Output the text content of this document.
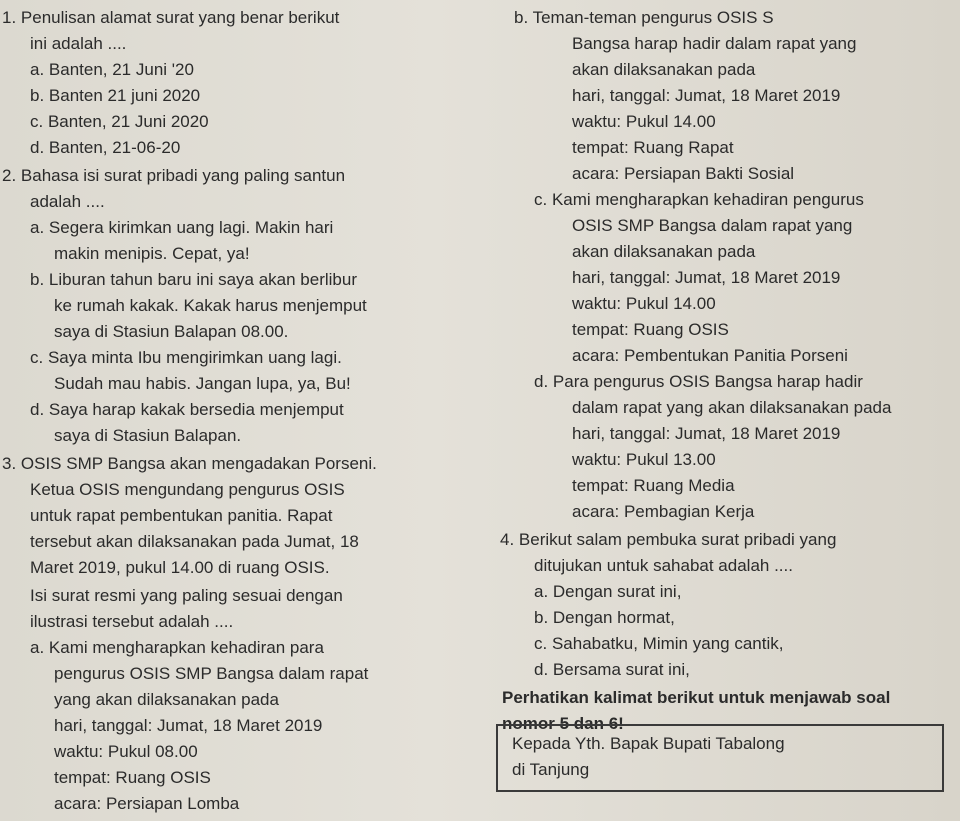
1. Penulisan alamat surat yang benar berikut
ini adalah ....
a. Banten, 21 Juni '20
b. Banten 21 juni 2020
c. Banten, 21 Juni 2020
d. Banten, 21-06-20
2. Bahasa isi surat pribadi yang paling santun
adalah ....
a. Segera kirimkan uang lagi. Makin hari
makin menipis. Cepat, ya!
b. Liburan tahun baru ini saya akan berlibur
ke rumah kakak. Kakak harus menjemput
saya di Stasiun Balapan 08.00.
c. Saya minta Ibu mengirimkan uang lagi.
Sudah mau habis. Jangan lupa, ya, Bu!
d. Saya harap kakak bersedia menjemput
saya di Stasiun Balapan.
3. OSIS SMP Bangsa akan mengadakan Porseni.
Ketua OSIS mengundang pengurus OSIS
untuk rapat pembentukan panitia. Rapat
tersebut akan dilaksanakan pada Jumat, 18
Maret 2019, pukul 14.00 di ruang OSIS.
Isi surat resmi yang paling sesuai dengan
ilustrasi tersebut adalah ....
a. Kami mengharapkan kehadiran para
pengurus OSIS SMP Bangsa dalam rapat
yang akan dilaksanakan pada
hari, tanggal: Jumat, 18 Maret 2019
waktu: Pukul 08.00
tempat: Ruang OSIS
acara: Persiapan Lomba
b. Teman-teman pengurus OSIS S
Bangsa harap hadir dalam rapat yang
akan dilaksanakan pada
hari, tanggal: Jumat, 18 Maret 2019
waktu: Pukul 14.00
tempat: Ruang Rapat
acara: Persiapan Bakti Sosial
c. Kami mengharapkan kehadiran pengurus
OSIS SMP Bangsa dalam rapat yang
akan dilaksanakan pada
hari, tanggal: Jumat, 18 Maret 2019
waktu: Pukul 14.00
tempat: Ruang OSIS
acara: Pembentukan Panitia Porseni
d. Para pengurus OSIS Bangsa harap hadir
dalam rapat yang akan dilaksanakan pada
hari, tanggal: Jumat, 18 Maret 2019
waktu: Pukul 13.00
tempat: Ruang Media
acara: Pembagian Kerja
4. Berikut salam pembuka surat pribadi yang
ditujukan untuk sahabat adalah ....
a. Dengan surat ini,
b. Dengan hormat,
c. Sahabatku, Mimin yang cantik,
d. Bersama surat ini,
Perhatikan kalimat berikut untuk menjawab soal
nomor 5 dan 6!
Kepada Yth. Bapak Bupati Tabalong
di Tanjung
